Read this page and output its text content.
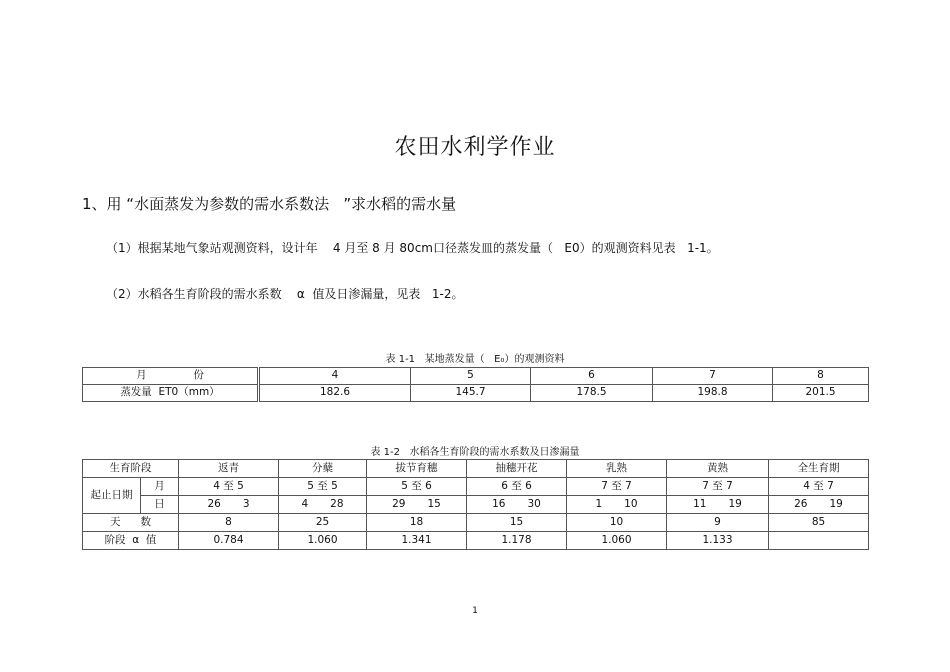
农田水利学作业
1、用 “水面蒸发为参数的需水系数法   ”求水稻的需水量
（1）根据某地气象站观测资料，设计年    4 月至 8 月 80cm口径蒸发皿的蒸发量（   E0）的观测资料见表   1-1。
（2）水稻各生育阶段的需水系数    α  值及日渗漏量，见表   1-2。
表 1-1   某地蒸发量（   E₀）的观测资料
月              份	4	5	6	7	8
蒸发量  ET0（mm）	182.6	145.7	178.5	198.8	201.5
表 1-2   水稻各生育阶段的需水系数及日渗漏量
生育阶段		返青	分蘖	拔节育穗	抽穗开花	乳熟	黄熟	全生育期
起止日期	月	4 至 5	5 至 5	5 至 6	6 至 6	7 至 7	7 至 7	4 至 7
	日	26 3	4 28	29 15	16 30	1 10	11 19	26 19

天      数		8	25	18	15	10	9	85
阶段  α  值		0.784	1.060	1.341	1.178	1.060	1.133	
1
